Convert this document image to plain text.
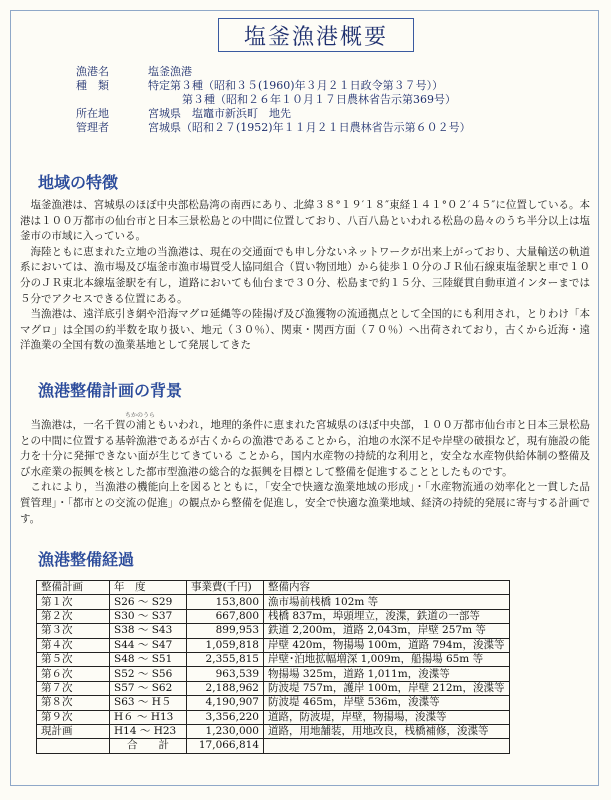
塩釜漁港概要
漁港名	塩釜漁港
種　類	特定第３種（昭和３５(1960)年３月２１日政令第３７号））
第３種（昭和２６年１０月１７日農林省告示第369号）
所在地	宮城県　塩竈市新浜町　地先
管理者	宮城県（昭和２７(1952)年１１月２１日農林省告示第６０２号）
地域の特徴

塩釜漁港は、宮城県のほぼ中央部松島湾の南西にあり、北緯３８°１９′１８″東経１４１°０２′４５″に位置している。本港は１００万都市の仙台市と日本三景松島との中間に位置しており、八百八島といわれる松島の島々のうち半分以上は塩釜市の市域に入っている。

海陸ともに恵まれた立地の当漁港は、現在の交通面でも申し分ないネットワークが出来上がっており、大量輸送の軌道系においては、漁市場及び塩釜市漁市場買受人協同組合（買い物団地）から徒歩１０分のＪＲ仙石線東塩釜駅と車で１０分のＪＲ東北本線塩釜駅を有し，道路においても仙台まで３０分、松島まで約１５分、三陸縦貫自動車道インターまでは５分でアクセスできる位置にある。

当漁港は、遠洋底引き網や沿海マグロ延縄等の陸揚げ及び漁獲物の流通拠点として全国的にも利用され，とりわけ「本マグロ」は全国の約半数を取り扱い、地元（３０％）、関東・関西方面（７０％）へ出荷されており，古くから近海・遠洋漁業の全国有数の漁業基地として発展してきた

漁港整備計画の背景
ちかのうら

当漁港は，一名千賀の浦ともいわれ，地理的条件に恵まれた宮城県のほぼ中央部，１００万都市仙台市と日本三景松島との中間に位置する基幹漁港であるが古くからの漁港であることから，泊地の水深不足や岸壁の破損など，現有施設の能力を十分に発揮できない面が生じてきている ことから，国内水産物の持続的な利用と，安全な水産物供給体制の整備及び水産業の振興を核とした都市型漁港の総合的な振興を目標として整備を促進することとしたものです。

これにより，当漁港の機能向上を図るとともに，「安全で快適な漁業地域の形成」・「水産物流通の効率化と一貫した品質管理」・「都市との交流の促進」の観点から整備を促進し，安全で快適な漁業地域、経済の持続的発展に寄与する計画です。

漁港整備経過
整備計画	年　度	事業費(千円)	整備内容
第１次	S26 ～ S29	153,800	漁市場前桟橋 102m 等
第２次	S30 ～ S37	667,800	桟橋 837m，埠頭埋立，浚渫，鉄道の一部等
第３次	S38 ～ S43	899,953	鉄道 2,200m，道路 2,043m，岸壁 257m 等
第４次	S44 ～ S47	1,059,818	岸壁 420m，物揚場 100m，道路 794m，浚渫等
第５次	S48 ～ S51	2,355,815	岸壁･泊地拡幅増深 1,009m，船揚場 65m 等
第６次	S52 ～ S56	963,539	物揚場 325m，道路 1,011m，浚渫等
第７次	S57 ～ S62	2,188,962	防波堤 757m，護岸 100m，岸壁 212m，浚渫等
第８次	S63 ～ H５	4,190,907	防波堤 465m，岸壁 536m，浚渫等
第９次	H６ ～ H13	3,356,220	道路，防波堤，岸壁，物揚場，浚渫等
現計画	H14 ～ H23	1,230,000	道路，用地舗装，用地改良，桟橋補修，浚渫等
	合　　計	17,066,814	
